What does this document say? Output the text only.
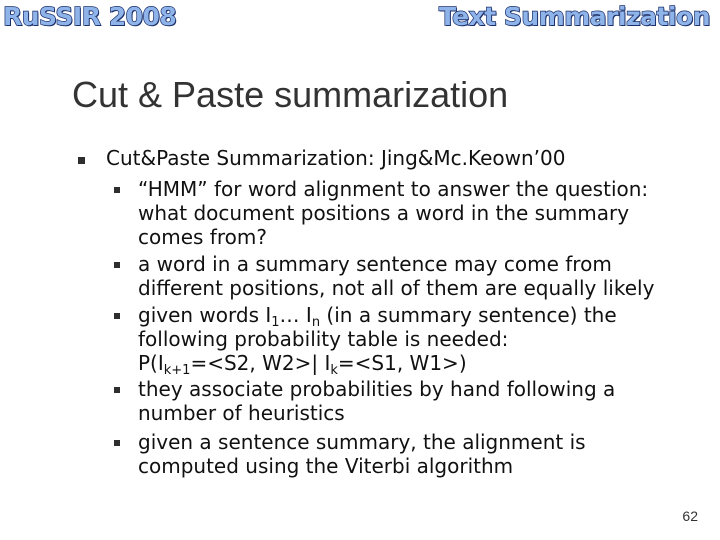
RuSSIR 2008	Text Summarization
Cut & Paste summarization
Cut&Paste Summarization: Jing&Mc.Keown’00
“HMM” for word alignment to answer the question:
what document positions a word in the summary
comes from?
a word in a summary sentence may come from
different positions, not all of them are equally likely
given words $I_1\dots$ $I_n$ (in a summary sentence) the
following probability table is needed:
$P(I_{k+1}=<S2$, W2>| $I_k=<S1$, W1>)
they associate probabilities by hand following a
number of heuristics
given a sentence summary, the alignment is
computed using the Viterbi algorithm
62
